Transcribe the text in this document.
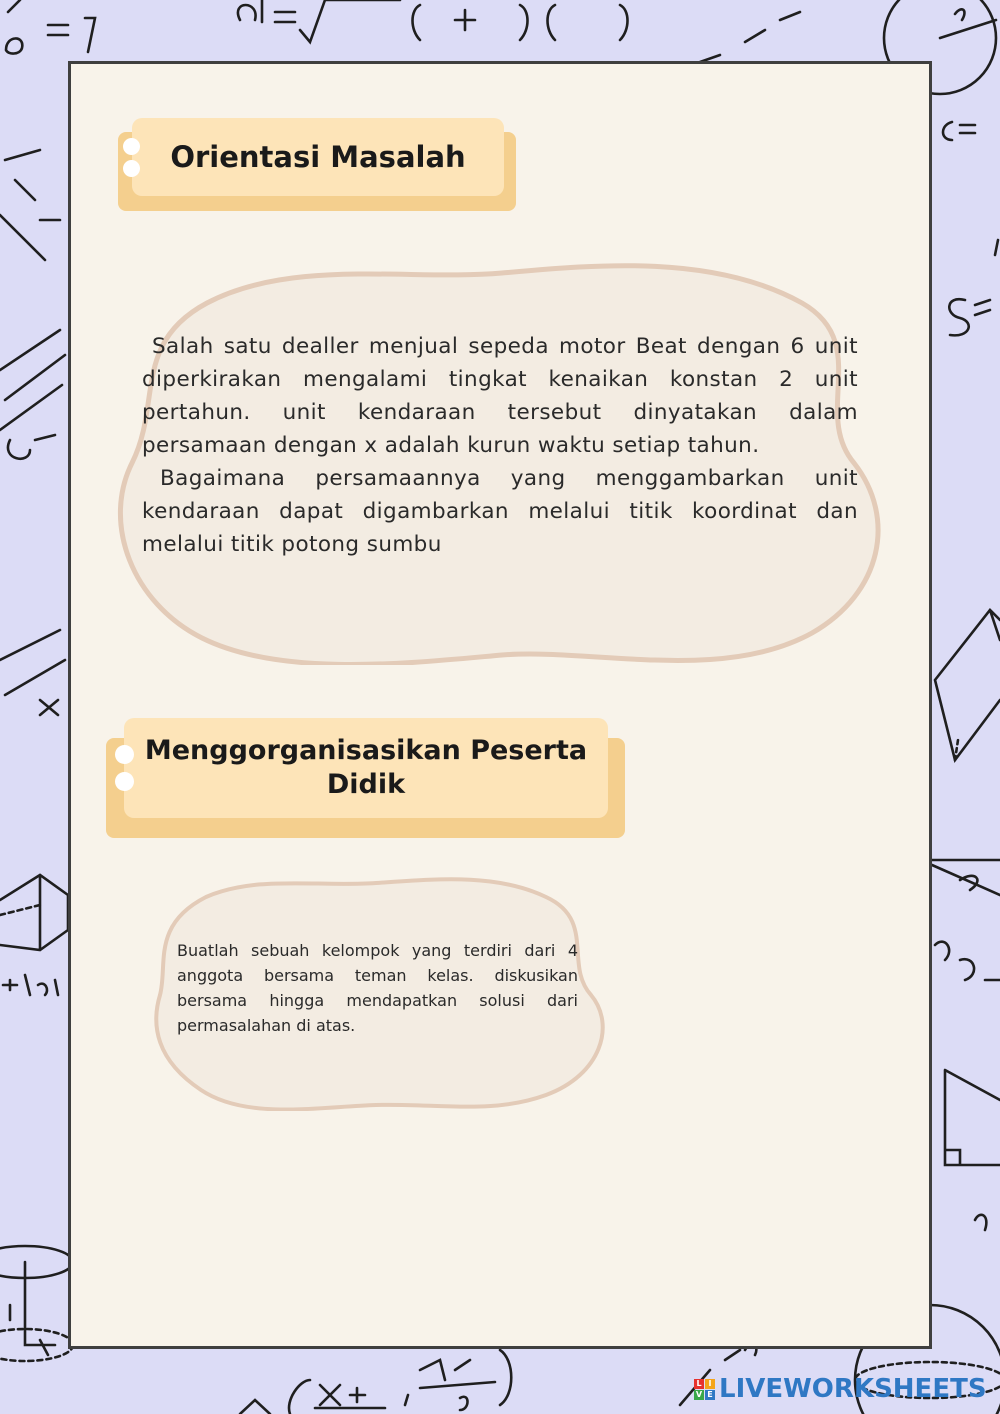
Orientasi Masalah

Salah satu dealler menjual sepeda motor Beat dengan 6 unit diperkirakan mengalami tingkat kenaikan konstan 2 unit pertahun. unit kendaraan tersebut dinyatakan dalam persamaan dengan x adalah kurun waktu setiap tahun.

Bagaimana persamaannya yang menggambarkan unit kendaraan dapat digambarkan melalui titik koordinat dan melalui titik potong sumbu

Menggorganisasikan Peserta
Didik
Buatlah sebuah kelompok yang terdiri dari 4 anggota bersama teman kelas. diskusikan bersama hingga mendapatkan solusi dari permasalahan di atas.
L I
V E LIVEWORKSHEETS
